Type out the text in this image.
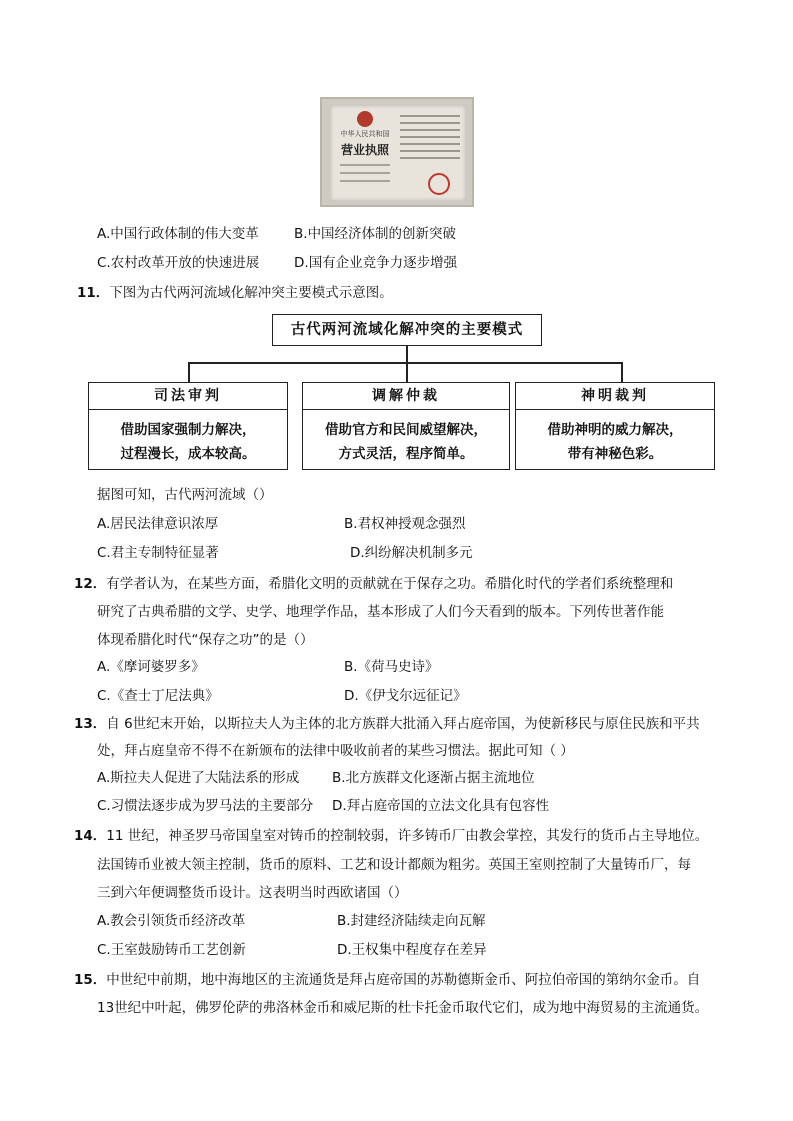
中华人民共和国
营业执照
A.中国行政体制的伟大变革	B.中国经济体制的创新突破
C.农村改革开放的快速进展	D.国有企业竞争力逐步增强
11．下图为古代两河流域化解冲突主要模式示意图。
古代两河流域化解冲突的主要模式
司法审判
借助国家强制力解决，
过程漫长，成本较高。
调解仲裁
借助官方和民间威望解决，
方式灵活，程序简单。
神明裁判
借助神明的威力解决，
带有神秘色彩。
据图可知，古代两河流域（）
A.居民法律意识浓厚	B.君权神授观念强烈
C.君主专制特征显著	D.纠纷解决机制多元
12．有学者认为，在某些方面，希腊化文明的贡献就在于保存之功。希腊化时代的学者们系统整理和
研究了古典希腊的文学、史学、地理学作品，基本形成了人们今天看到的版本。下列传世著作能
体现希腊化时代“保存之功”的是（）
A.《摩诃婆罗多》	B.《荷马史诗》
C.《查士丁尼法典》	D.《伊戈尔远征记》
13．自 6世纪末开始，以斯拉夫人为主体的北方族群大批涌入拜占庭帝国，为使新移民与原住民族和平共
处，拜占庭皇帝不得不在新颁布的法律中吸收前者的某些习惯法。据此可知（ ）
A.斯拉夫人促进了大陆法系的形成 B.北方族群文化逐渐占据主流地位
C.习惯法逐步成为罗马法的主要部分 D.拜占庭帝国的立法文化具有包容性
14．11 世纪，神圣罗马帝国皇室对铸币的控制较弱，许多铸币厂由教会掌控，其发行的货币占主导地位。
法国铸币业被大领主控制，货币的原料、工艺和设计都颇为粗劣。英国王室则控制了大量铸币厂，每
三到六年便调整货币设计。这表明当时西欧诸国（）
A.教会引领货币经济改革	B.封建经济陆续走向瓦解
C.王室鼓励铸币工艺创新	D.王权集中程度存在差异
15．中世纪中前期，地中海地区的主流通货是拜占庭帝国的苏勒德斯金币、阿拉伯帝国的第纳尔金币。自
13世纪中叶起，佛罗伦萨的弗洛林金币和威尼斯的杜卡托金币取代它们，成为地中海贸易的主流通货。
